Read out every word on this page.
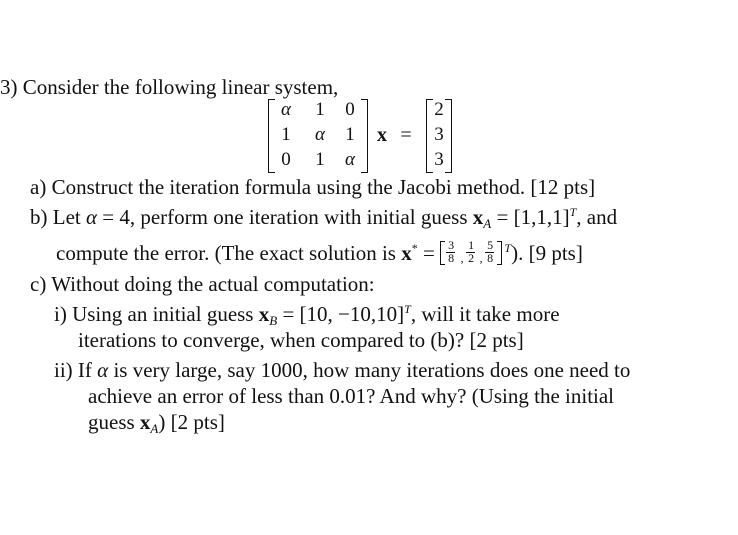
3) Consider the following linear system,
α 1 0
1 α 1
0 1 α
x =
2
3
3
a) Construct the iteration formula using the Jacobi method. [12 pts]
b) Let α = 4, perform one iteration with initial guess $x_A = [1,1,1]^T$, and
compute the error. (The exact solution is x* = 3
8 ,
1
2 ,
5
8
T ). [9 pts]
c) Without doing the actual computation:
i) Using an initial guess $x_B = [10$, −10,10]$^T$, will it take more
iterations to converge, when compared to (b)? [2 pts]
ii) If α is very large, say 1000, how many iterations does one need to
achieve an error of less than 0.01? And why? (Using the initial
guess $x_A$) [2 pts]
